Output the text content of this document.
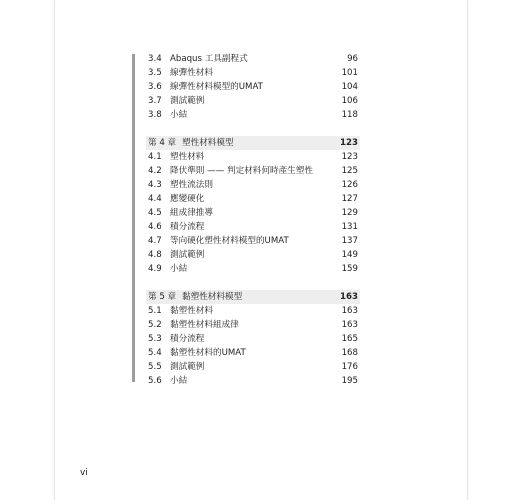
3.4 Abaqus 工具副程式	96
3.5 線彈性材料	101
3.6 線彈性材料模型的UMAT	104
3.7 測試範例	106
3.8 小結	118
第 4 章 塑性材料模型	123
4.1 塑性材料	123
4.2 降伏準則 —— 判定材料何時產生塑性	125
4.3 塑性流法則	126
4.4 應變硬化	127
4.5 組成律推導	129
4.6 積分流程	131
4.7 等向硬化塑性材料模型的UMAT	137
4.8 測試範例	149
4.9 小結	159
第 5 章 黏塑性材料模型	163
5.1 黏塑性材料	163
5.2 黏塑性材料組成律	163
5.3 積分流程	165
5.4 黏塑性材料的UMAT	168
5.5 測試範例	176
5.6 小結	195
vi
